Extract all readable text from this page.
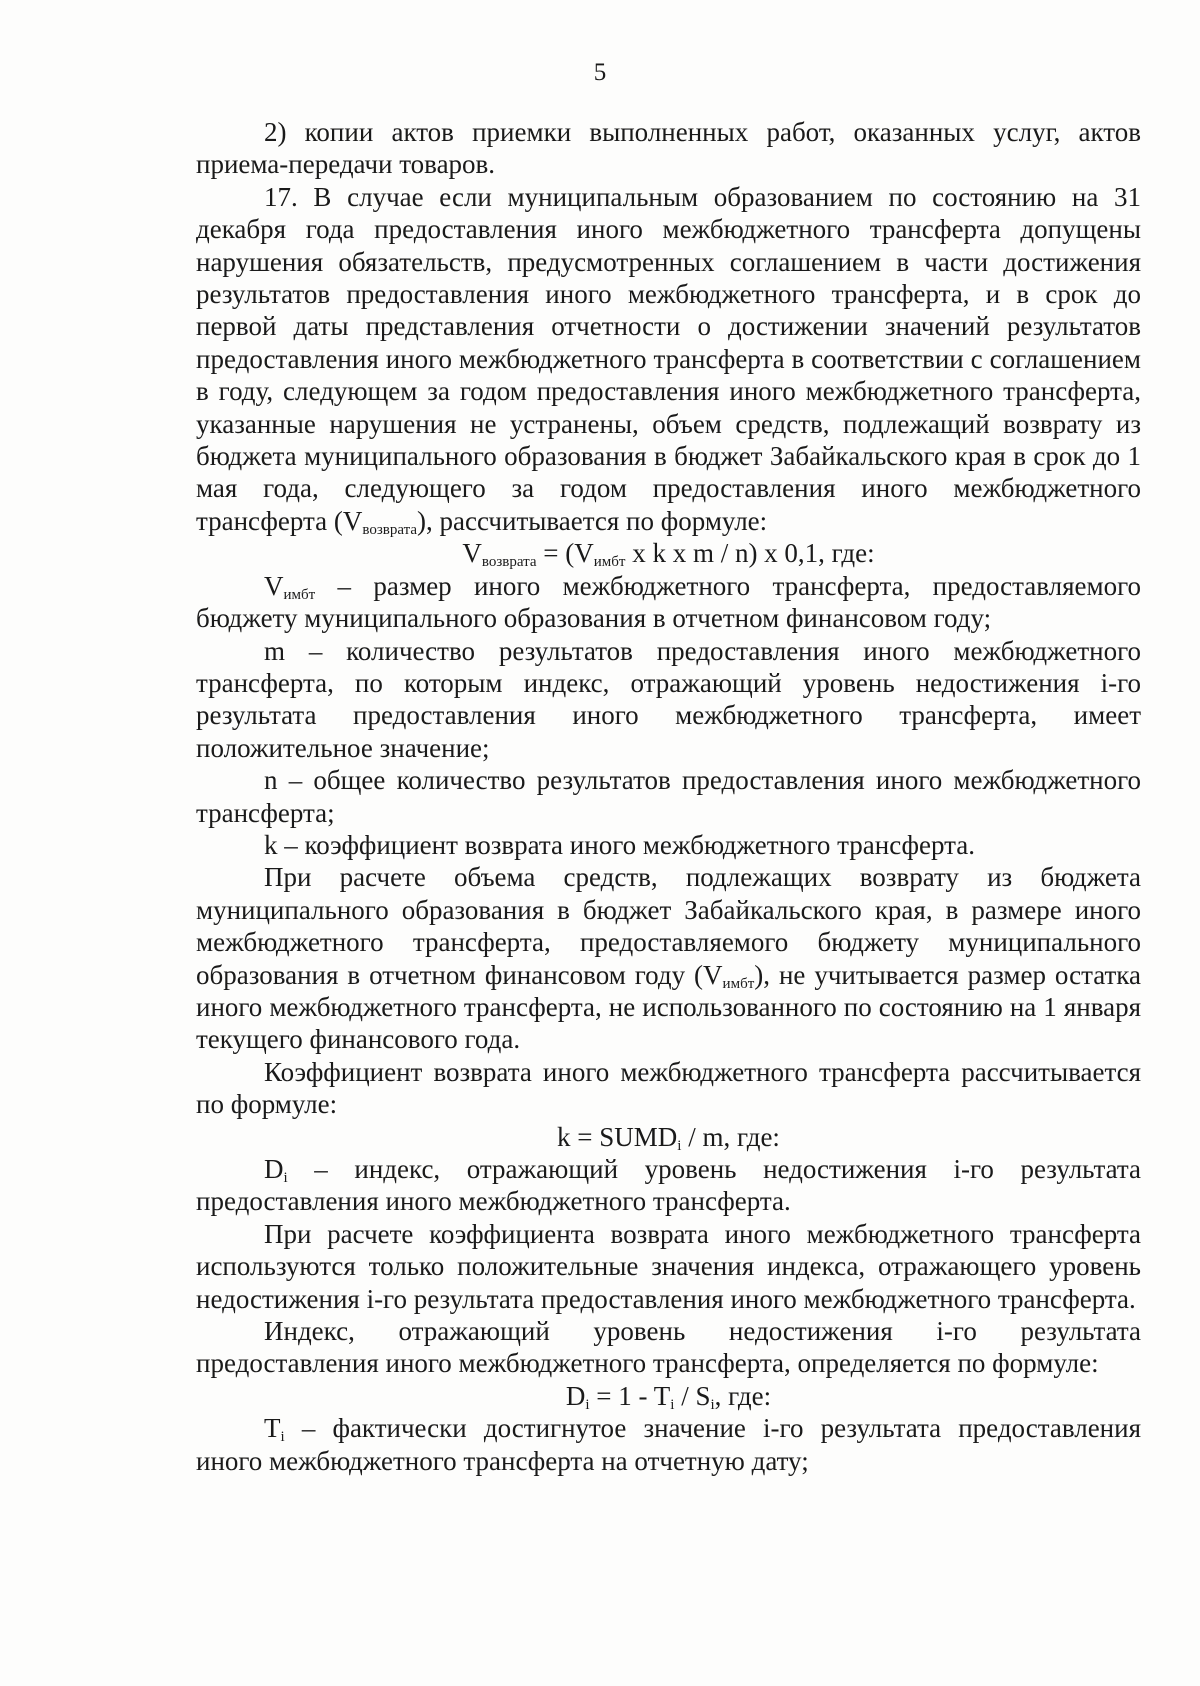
5

2) копии актов приемки выполненных работ, оказанных услуг, актов приема-передачи товаров.

17. В случае если муниципальным образованием по состоянию на 31 декабря года предоставления иного межбюджетного трансферта допущены нарушения обязательств, предусмотренных соглашением в части достижения результатов предоставления иного межбюджетного трансферта, и в срок до первой даты представления отчетности о достижении значений результатов предоставления иного межбюджетного трансферта в соответствии с соглашением в году, следующем за годом предоставления иного межбюджетного трансферта, указанные нарушения не устранены, объем средств, подлежащий возврату из бюджета муниципального образования в бюджет Забайкальского края в срок до 1 мая года, следующего за годом предоставления иного межбюджетного трансферта $(V_{возврата})$, рассчитывается по формуле:

$V_{возврата} = (V_{имбт}$ x k x m / n) x 0,1, где:

$V_{имбт}$ – размер иного межбюджетного трансферта, предоставляемого бюджету муниципального образования в отчетном финансовом году;

m – количество результатов предоставления иного межбюджетного трансферта, по которым индекс, отражающий уровень недостижения i-го результата предоставления иного межбюджетного трансферта, имеет положительное значение;

n – общее количество результатов предоставления иного межбюджетного трансферта;

k – коэффициент возврата иного межбюджетного трансферта.

При расчете объема средств, подлежащих возврату из бюджета муниципального образования в бюджет Забайкальского края, в размере иного межбюджетного трансферта, предоставляемого бюджету муниципального образования в отчетном финансовом году $(V_{имбт})$, не учитывается размер остатка иного межбюджетного трансферта, не использованного по состоянию на 1 января текущего финансового года.

Коэффициент возврата иного межбюджетного трансферта рассчитывается по формуле:

$k = SUMD_i / m$, где:

$D_i$ – индекс, отражающий уровень недостижения i-го результата предоставления иного межбюджетного трансферта.

При расчете коэффициента возврата иного межбюджетного трансферта используются только положительные значения индекса, отражающего уровень недостижения i-го результата предоставления иного межбюджетного трансферта.

Индекс, отражающий уровень недостижения i-го результата предоставления иного межбюджетного трансферта, определяется по формуле:

$D_i = 1 - T_i / S_i$, где:

$T_i$ – фактически достигнутое значение i-го результата предоставления иного межбюджетного трансферта на отчетную дату;
